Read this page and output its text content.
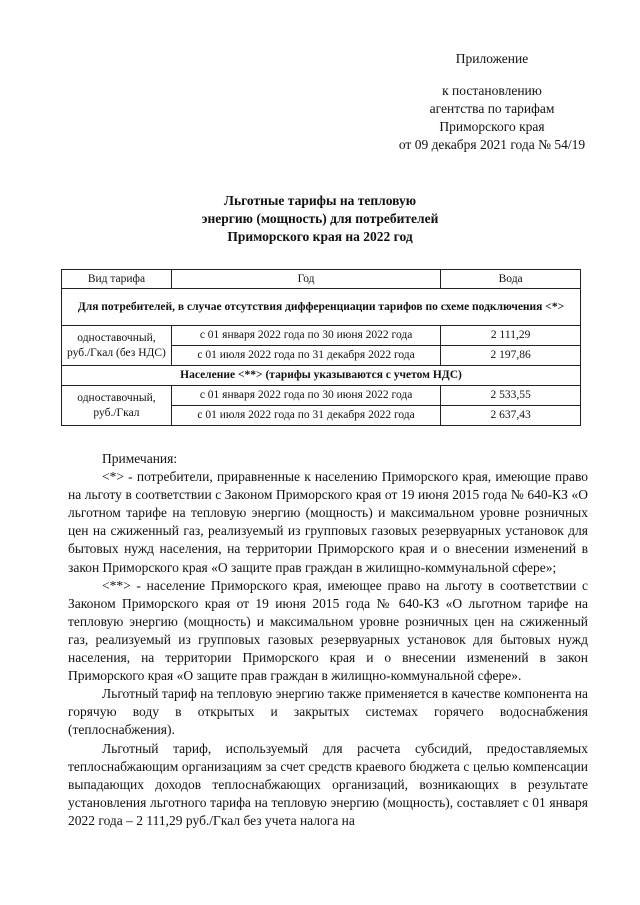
Приложение
к постановлению
агентства по тарифам
Приморского края
от 09 декабря 2021 года № 54/19
Льготные тарифы на тепловую
энергию (мощность) для потребителей
Приморского края на 2022 год
Вид тарифа	Год	Вода
Для потребителей, в случае отсутствия дифференциации тарифов по схеме подключения <*>		
одноставочный, руб./Гкал (без НДС)	с 01 января 2022 года по 30 июня 2022 года	2 111,29
	с 01 июля 2022 года по 31 декабря 2022 года	2 197,86
Население <**> (тарифы указываются с учетом НДС)		
одноставочный, руб./Гкал	с 01 января 2022 года по 30 июня 2022 года	2 533,55
	с 01 июля 2022 года по 31 декабря 2022 года	2 637,43

Примечания:

<*> - потребители, приравненные к населению Приморского края, имеющие право на льготу в соответствии с Законом Приморского края от 19 июня 2015 года № 640-КЗ «О льготном тарифе на тепловую энергию (мощность) и максимальном уровне розничных цен на сжиженный газ, реализуемый из групповых газовых резервуарных установок для бытовых нужд населения, на территории Приморского края и о внесении изменений в закон Приморского края «О защите прав граждан в жилищно-коммунальной сфере»;

<**> - население Приморского края, имеющее право на льготу в соответствии с Законом Приморского края от 19 июня 2015 года № 640-КЗ «О льготном тарифе на тепловую энергию (мощность) и максимальном уровне розничных цен на сжиженный газ, реализуемый из групповых газовых резервуарных установок для бытовых нужд населения, на территории Приморского края и о внесении изменений в закон Приморского края «О защите прав граждан в жилищно-коммунальной сфере».

Льготный тариф на тепловую энергию также применяется в качестве компонента на горячую воду в открытых и закрытых системах горячего водоснабжения (теплоснабжения).

Льготный тариф, используемый для расчета субсидий, предоставляемых теплоснабжающим организациям за счет средств краевого бюджета с целью компенсации выпадающих доходов теплоснабжающих организаций, возникающих в результате установления льготного тарифа на тепловую энергию (мощность), составляет с 01 января 2022 года – 2 111,29 руб./Гкал без учета налога на
